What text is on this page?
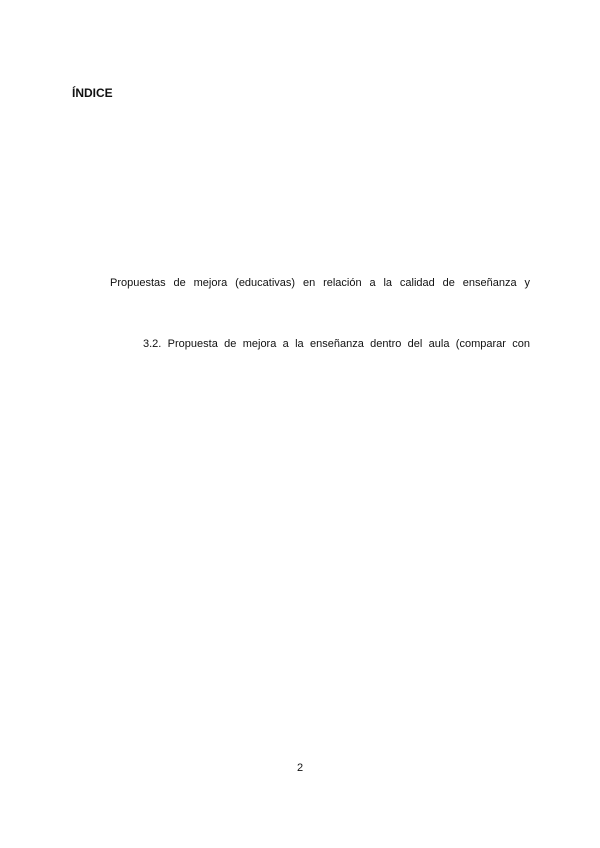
ÍNDICE
Propuestas de mejora (educativas) en relación a la calidad de enseñanza y
3.2. Propuesta de mejora a la enseñanza dentro del aula (comparar con
2
